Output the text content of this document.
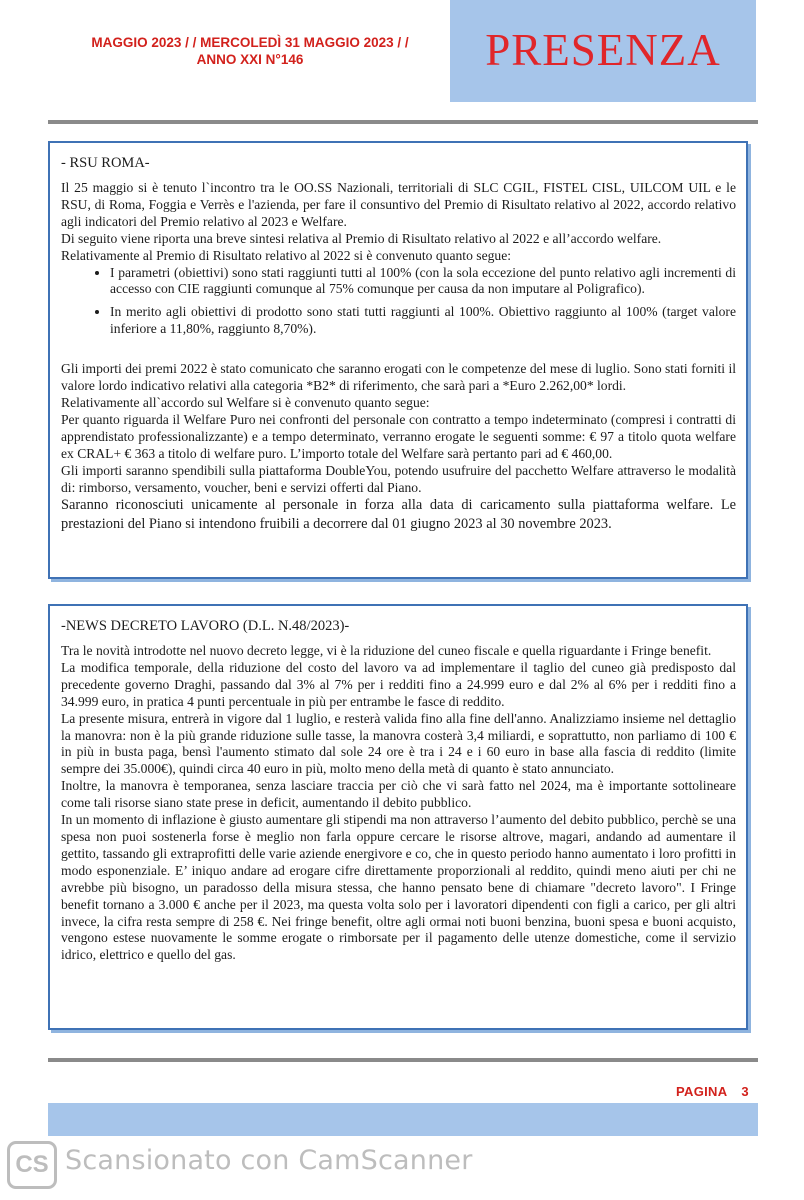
MAGGIO 2023 / / MERCOLEDÌ 31 MAGGIO 2023 / /
ANNO XXI N°146	PRESENZA
- RSU ROMA-

Il 25 maggio si è tenuto l`incontro tra le OO.SS Nazionali, territoriali di SLC CGIL, FISTEL CISL, UILCOM UIL e le RSU, di Roma, Foggia e Verrès e l'azienda, per fare il consuntivo del Premio di Risultato relativo al 2022, accordo relativo agli indicatori del Premio relativo al 2023 e Welfare.

Di seguito viene riporta una breve sintesi relativa al Premio di Risultato relativo al 2022 e all’accordo welfare.

Relativamente al Premio di Risultato relativo al 2022 si è convenuto quanto segue:

• I parametri (obiettivi) sono stati raggiunti tutti al 100% (con la sola eccezione del punto relativo agli incrementi di accesso con CIE raggiunti comunque al 75% comunque per causa da non imputare al Poligrafico).
• In merito agli obiettivi di prodotto sono stati tutti raggiunti al 100%. Obiettivo raggiunto al 100% (target valore inferiore a 11,80%, raggiunto 8,70%).

Gli importi dei premi 2022 è stato comunicato che saranno erogati con le competenze del mese di luglio. Sono stati forniti il valore lordo indicativo relativi alla categoria *B2* di riferimento, che sarà pari a *Euro 2.262,00* lordi.

Relativamente all`accordo sul Welfare si è convenuto quanto segue:

Per quanto riguarda il Welfare Puro nei confronti del personale con contratto a tempo indeterminato (compresi i contratti di apprendistato professionalizzante) e a tempo determinato, verranno erogate le seguenti somme: € 97 a titolo quota welfare ex CRAL+ € 363 a titolo di welfare puro. L’importo totale del Welfare sarà pertanto pari ad € 460,00.

Gli importi saranno spendibili sulla piattaforma DoubleYou, potendo usufruire del pacchetto Welfare attraverso le modalità di: rimborso, versamento, voucher, beni e servizi offerti dal Piano.

Saranno riconosciuti unicamente al personale in forza alla data di caricamento sulla piattaforma welfare. Le prestazioni del Piano si intendono fruibili a decorrere dal 01 giugno 2023 al 30 novembre 2023.

-NEWS DECRETO LAVORO (D.L. N.48/2023)-

Tra le novità introdotte nel nuovo decreto legge, vi è la riduzione del cuneo fiscale e quella riguardante i Fringe benefit.

La modifica temporale, della riduzione del costo del lavoro va ad implementare il taglio del cuneo già predisposto dal precedente governo Draghi, passando dal 3% al 7% per i redditi fino a 24.999 euro e dal 2% al 6% per i redditi fino a 34.999 euro, in pratica 4 punti percentuale in più per entrambe le fasce di reddito.

La presente misura, entrerà in vigore dal 1 luglio, e resterà valida fino alla fine dell'anno. Analizziamo insieme nel dettaglio la manovra: non è la più grande riduzione sulle tasse, la manovra costerà 3,4 miliardi, e soprattutto, non parliamo di 100 € in più in busta paga, bensì l'aumento stimato dal sole 24 ore è tra i 24 e i 60 euro in base alla fascia di reddito (limite sempre dei 35.000€), quindi circa 40 euro in più, molto meno della metà di quanto è stato annunciato.

Inoltre, la manovra è temporanea, senza lasciare traccia per ciò che vi sarà fatto nel 2024, ma è importante sottolineare come tali risorse siano state prese in deficit, aumentando il debito pubblico.

In un momento di inflazione è giusto aumentare gli stipendi ma non attraverso l’aumento del debito pubblico, perchè se una spesa non puoi sostenerla forse è meglio non farla oppure cercare le risorse altrove, magari, andando ad aumentare il gettito, tassando gli extraprofitti delle varie aziende energivore e co, che in questo periodo hanno aumentato i loro profitti in modo esponenziale. E’ iniquo andare ad erogare cifre direttamente proporzionali al reddito, quindi meno aiuti per chi ne avrebbe più bisogno, un paradosso della misura stessa, che hanno pensato bene di chiamare "decreto lavoro". I Fringe benefit tornano a 3.000 € anche per il 2023, ma questa volta solo per i lavoratori dipendenti con figli a carico, per gli altri invece, la cifra resta sempre di 258 €. Nei fringe benefit, oltre agli ormai noti buoni benzina, buoni spesa e buoni acquisto, vengono estese nuovamente le somme erogate o rimborsate per il pagamento delle utenze domestiche, come il servizio idrico, elettrico e quello del gas.

PAGINA 3
CS Scansionato con CamScanner
